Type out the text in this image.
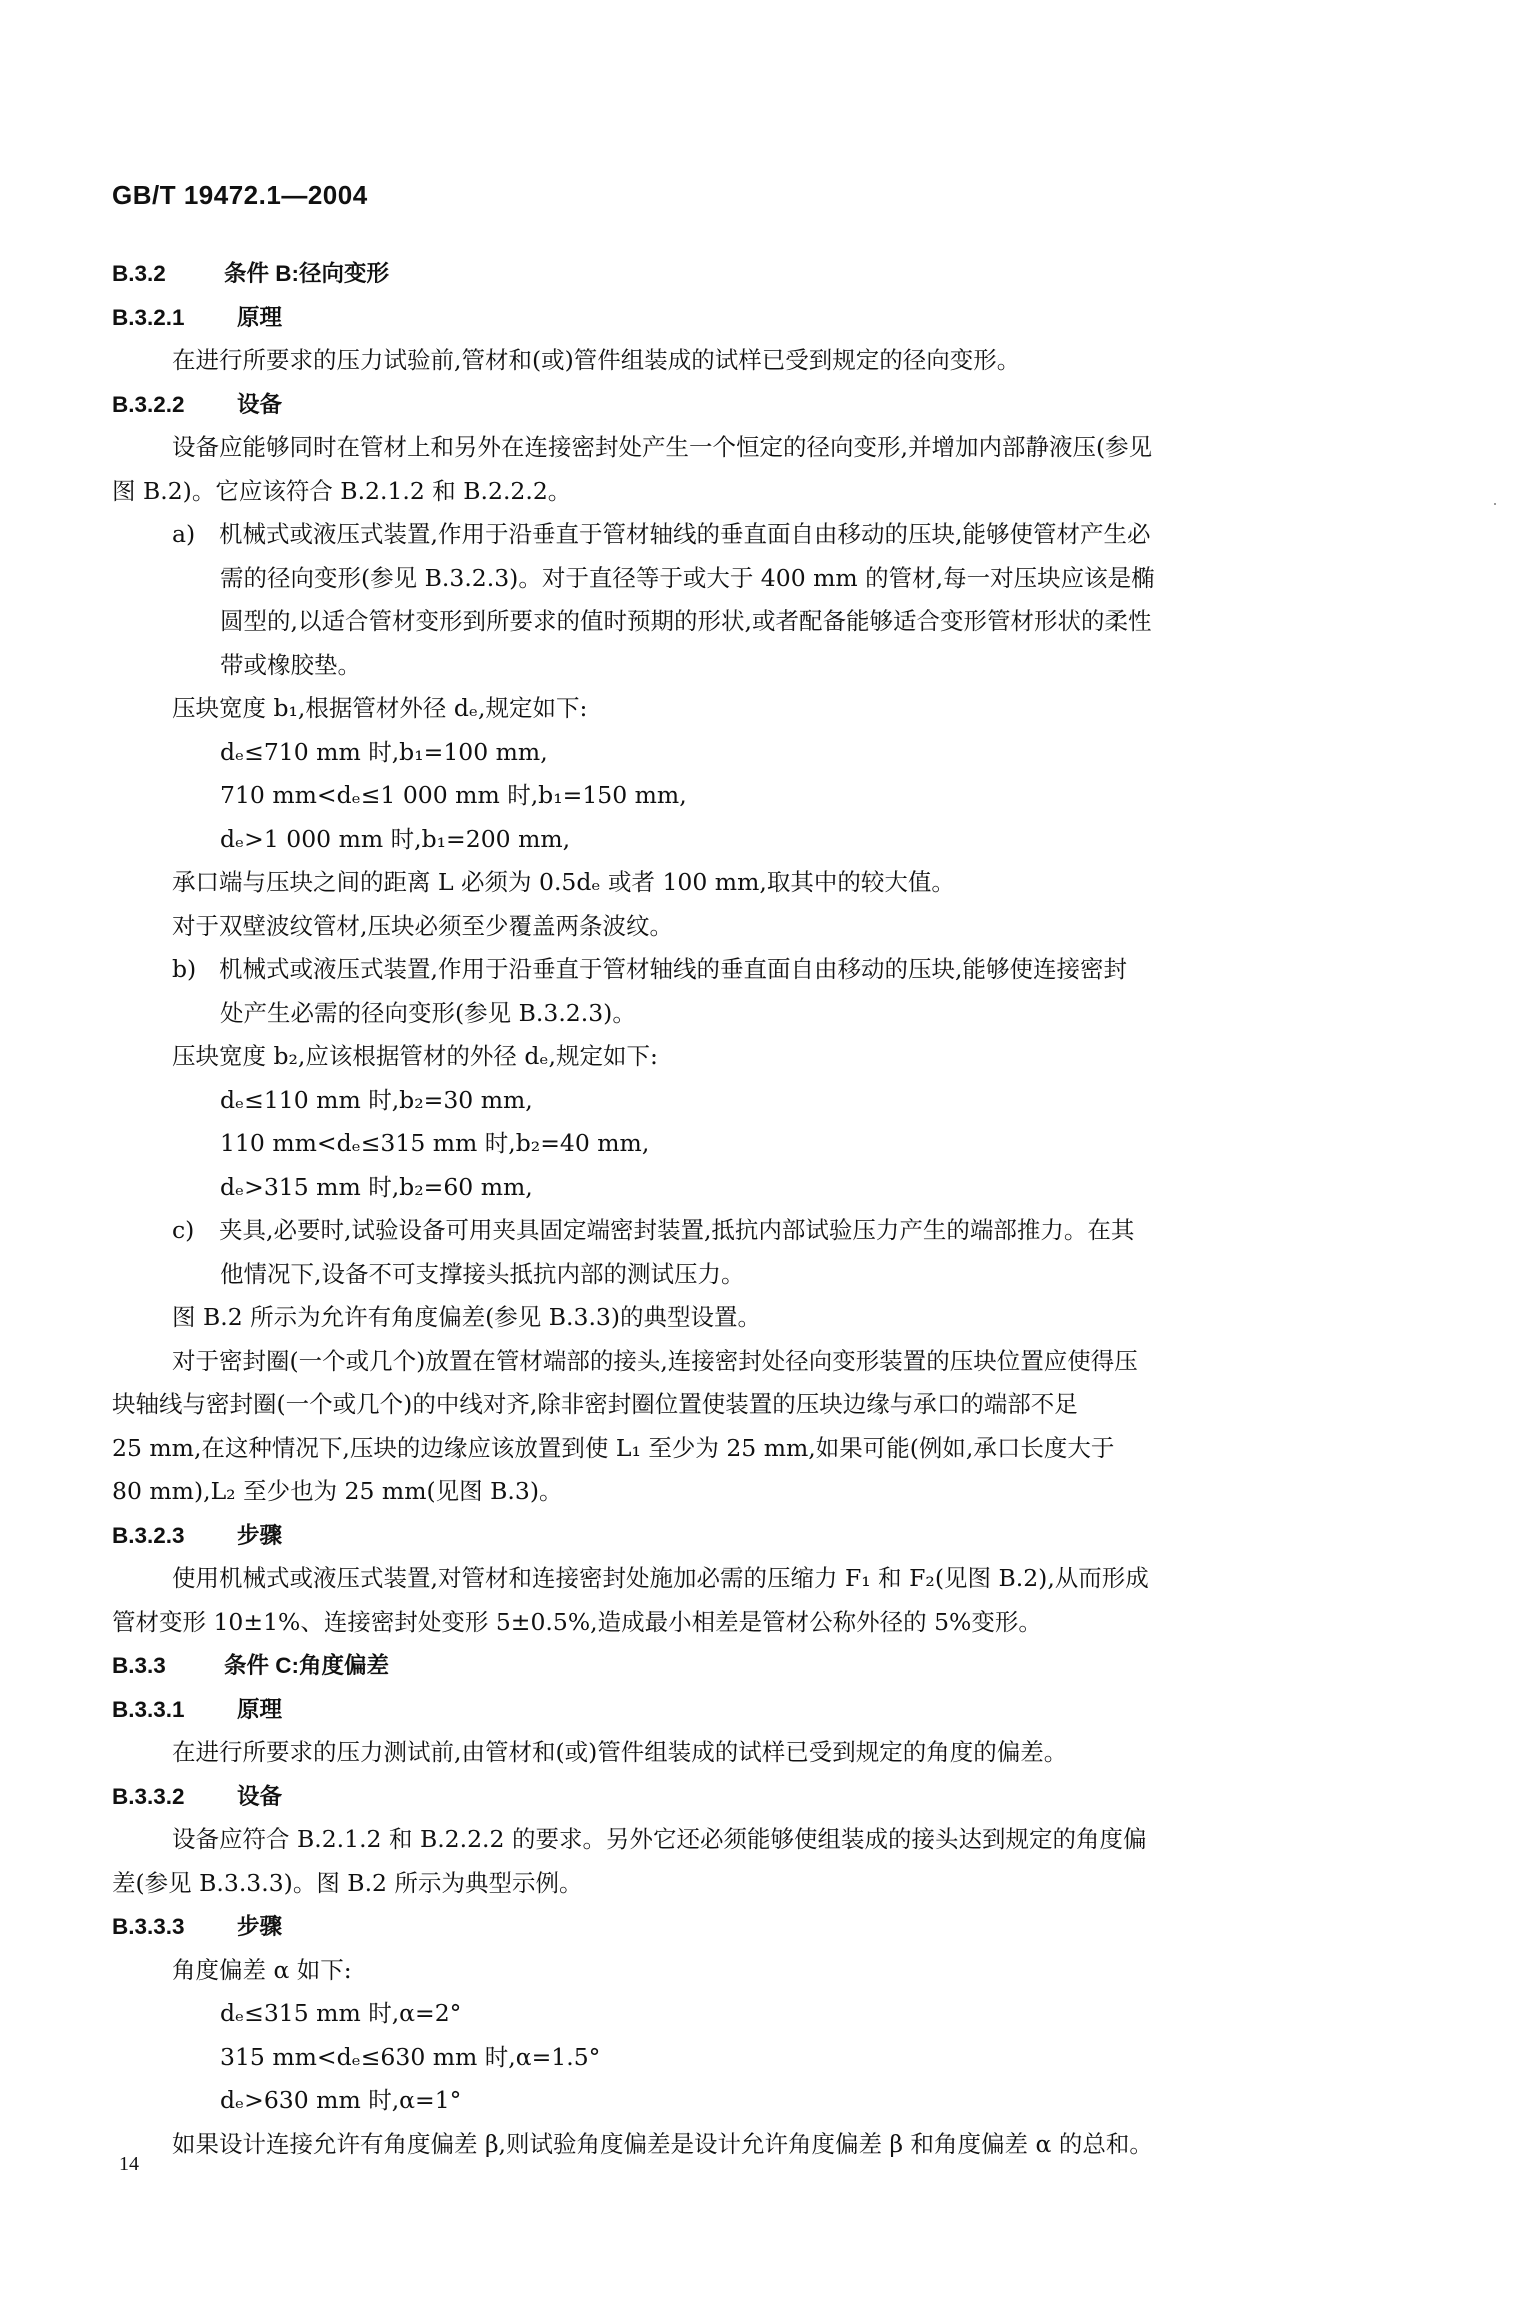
GB/T 19472.1—2004
B.3.2	条件 B:径向变形
B.3.2.1 原理
在进行所要求的压力试验前,管材和(或)管件组装成的试样已受到规定的径向变形。
B.3.2.2 设备
设备应能够同时在管材上和另外在连接密封处产生一个恒定的径向变形,并增加内部静液压(参见
图 B.2)。它应该符合 B.2.1.2 和 B.2.2.2。
a) 机械式或液压式装置,作用于沿垂直于管材轴线的垂直面自由移动的压块,能够使管材产生必
需的径向变形(参见 B.3.2.3)。对于直径等于或大于 400 mm 的管材,每一对压块应该是椭
圆型的,以适合管材变形到所要求的值时预期的形状,或者配备能够适合变形管材形状的柔性
带或橡胶垫。
压块宽度 b₁,根据管材外径 dₑ,规定如下:
dₑ≤710 mm 时,b₁=100 mm,
710 mm<dₑ≤1 000 mm 时,b₁=150 mm,
dₑ>1 000 mm 时,b₁=200 mm,
承口端与压块之间的距离 L 必须为 0.5dₑ 或者 100 mm,取其中的较大值。
对于双壁波纹管材,压块必须至少覆盖两条波纹。
b) 机械式或液压式装置,作用于沿垂直于管材轴线的垂直面自由移动的压块,能够使连接密封
处产生必需的径向变形(参见 B.3.2.3)。
压块宽度 b₂,应该根据管材的外径 dₑ,规定如下:
dₑ≤110 mm 时,b₂=30 mm,
110 mm<dₑ≤315 mm 时,b₂=40 mm,
dₑ>315 mm 时,b₂=60 mm,
c) 夹具,必要时,试验设备可用夹具固定端密封装置,抵抗内部试验压力产生的端部推力。在其
他情况下,设备不可支撑接头抵抗内部的测试压力。
图 B.2 所示为允许有角度偏差(参见 B.3.3)的典型设置。
对于密封圈(一个或几个)放置在管材端部的接头,连接密封处径向变形装置的压块位置应使得压
块轴线与密封圈(一个或几个)的中线对齐,除非密封圈位置使装置的压块边缘与承口的端部不足
25 mm,在这种情况下,压块的边缘应该放置到使 L₁ 至少为 25 mm,如果可能(例如,承口长度大于
80 mm),L₂ 至少也为 25 mm(见图 B.3)。
B.3.2.3 步骤
使用机械式或液压式装置,对管材和连接密封处施加必需的压缩力 F₁ 和 F₂(见图 B.2),从而形成
管材变形 10±1%、连接密封处变形 5±0.5%,造成最小相差是管材公称外径的 5%变形。
B.3.3	条件 C:角度偏差
B.3.3.1 原理
在进行所要求的压力测试前,由管材和(或)管件组装成的试样已受到规定的角度的偏差。
B.3.3.2 设备
设备应符合 B.2.1.2 和 B.2.2.2 的要求。另外它还必须能够使组装成的接头达到规定的角度偏
差(参见 B.3.3.3)。图 B.2 所示为典型示例。
B.3.3.3 步骤
角度偏差 α 如下:
dₑ≤315 mm 时,α=2°
315 mm<dₑ≤630 mm 时,α=1.5°
dₑ>630 mm 时,α=1°
如果设计连接允许有角度偏差 β,则试验角度偏差是设计允许角度偏差 β 和角度偏差 α 的总和。
14
